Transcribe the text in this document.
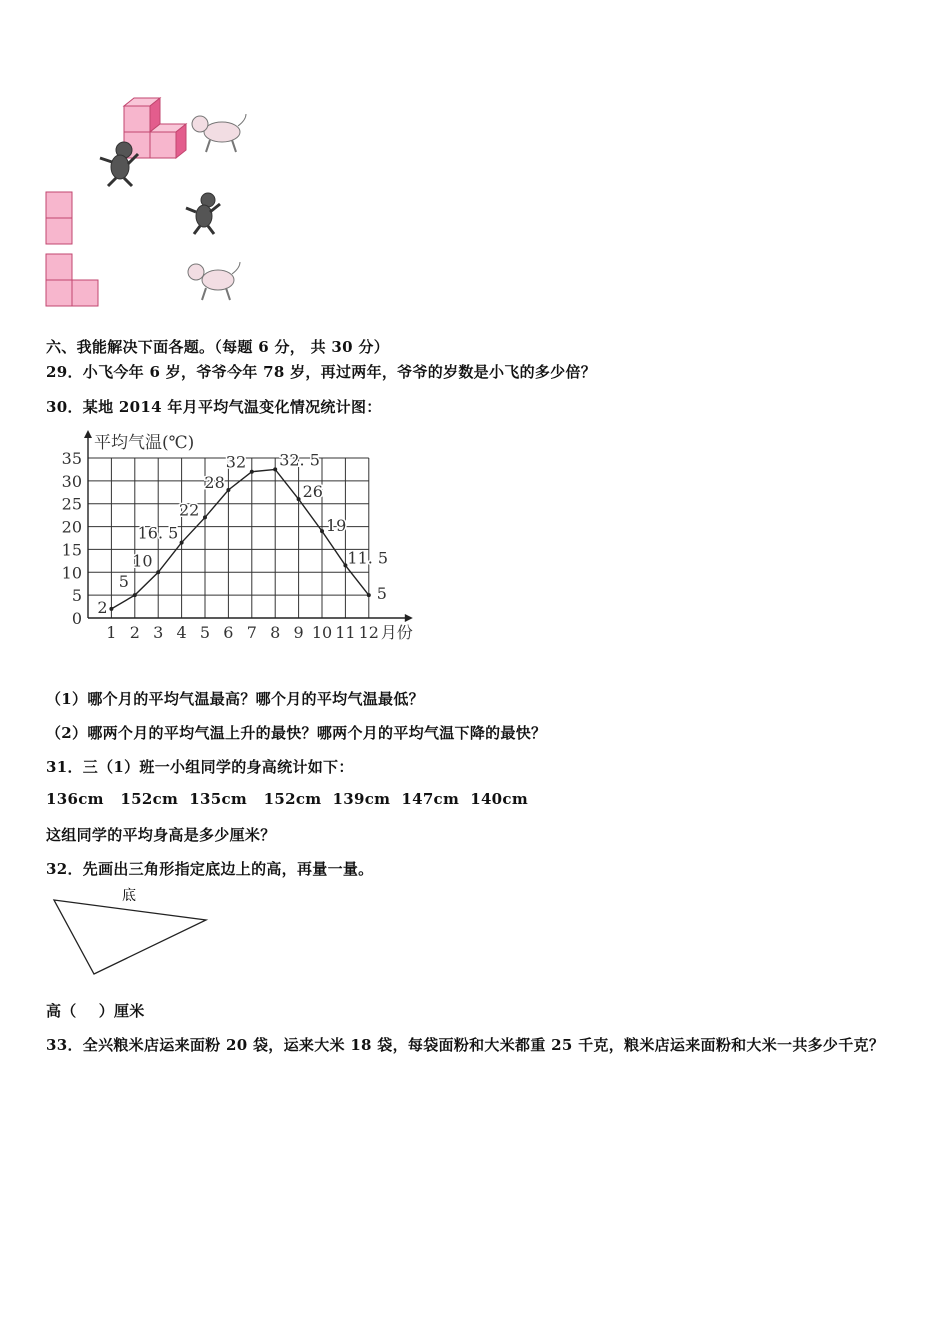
六、我能解决下面各题。（每题 6 分， 共 30 分）
29．小飞今年 6 岁，爷爷今年 78 岁，再过两年，爷爷的岁数是小飞的多少倍？
30．某地 2014 年月平均气温变化情况统计图：
平均气温(℃)
0
5
10
15
20
25
30
35
1 2 3 4 5 6 7 8 9 10 11 12 月份
2
5
10
16. 5
22
28
32 32. 5
26
19
11. 5
5
（1）哪个月的平均气温最高？哪个月的平均气温最低？
（2）哪两个月的平均气温上升的最快？哪两个月的平均气温下降的最快？
31．三（1）班一小组同学的身高统计如下：
136cm   152cm  135cm   152cm  139cm  147cm  140cm
这组同学的平均身高是多少厘米？
32．先画出三角形指定底边上的高，再量一量。
底
高（    ）厘米
33．全兴粮米店运来面粉 20 袋，运来大米 18 袋，每袋面粉和大米都重 25 千克，粮米店运来面粉和大米一共多少千克？
